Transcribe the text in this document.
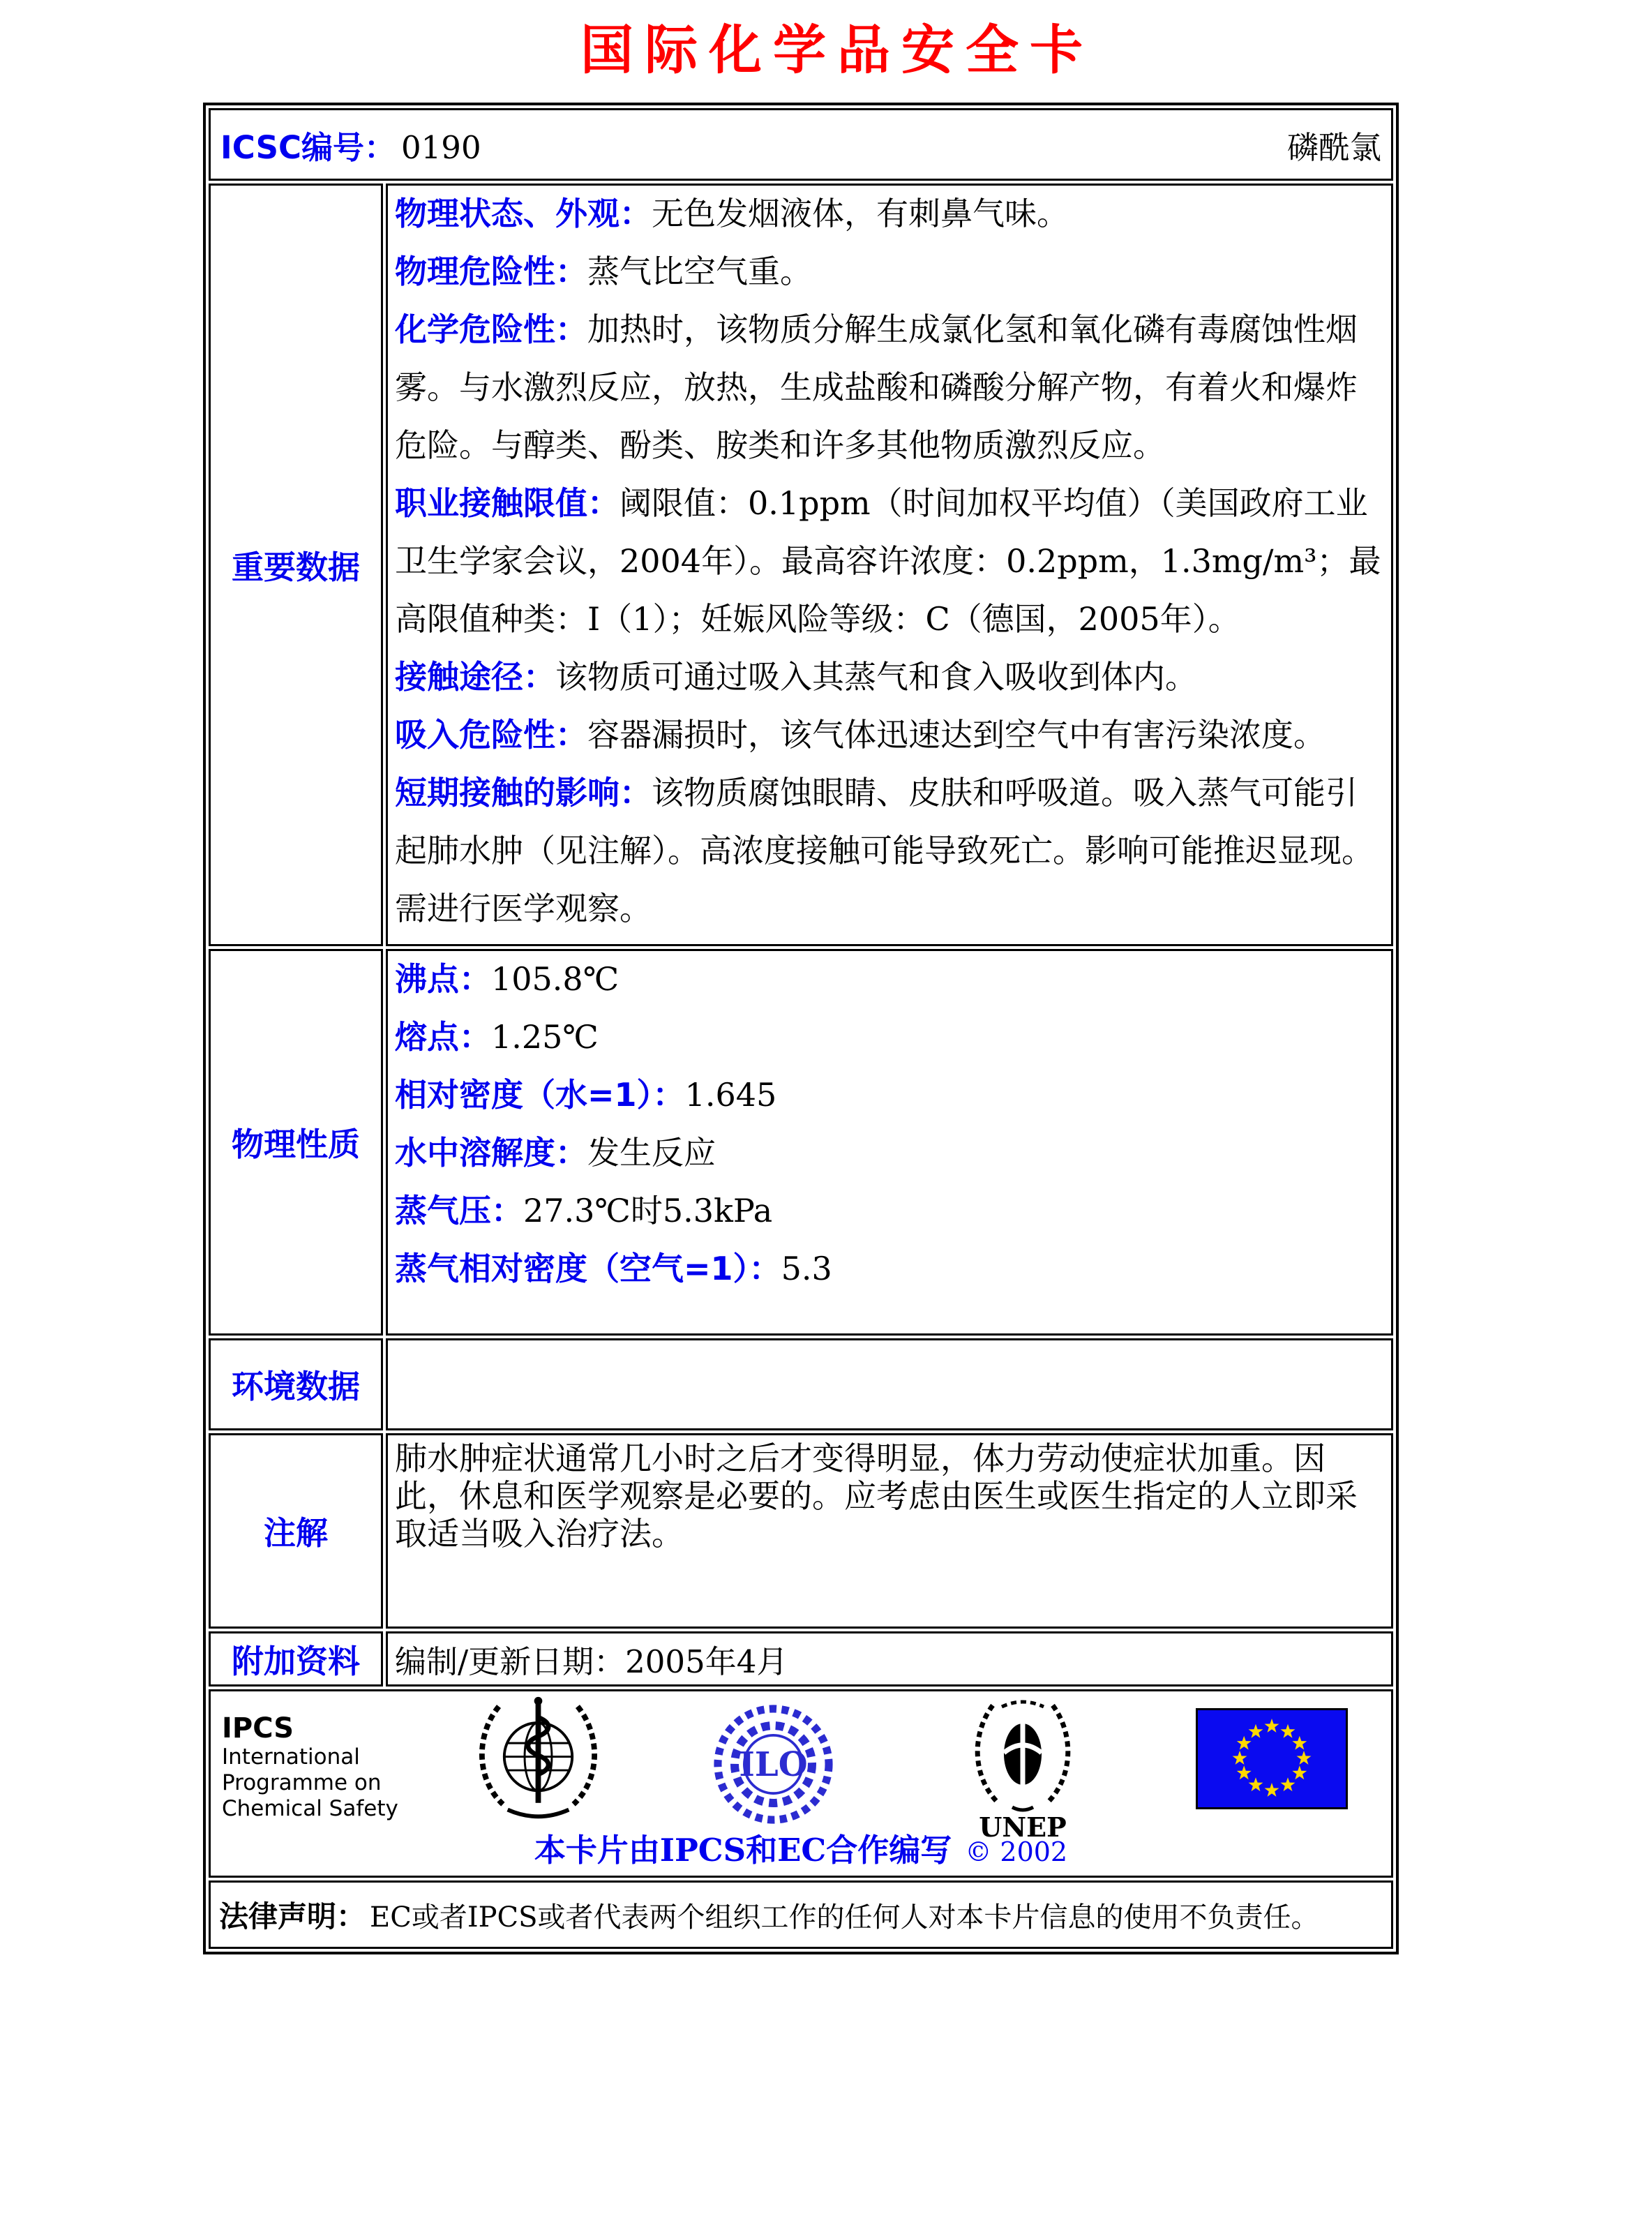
国际化学品安全卡
ICSC编号： 0190	磷酰氯
重要数据

物理状态、外观：无色发烟液体，有刺鼻气味。

物理危险性：蒸气比空气重。

化学危险性：加热时，该物质分解生成氯化氢和氧化磷有毒腐蚀性烟雾。与水激烈反应，放热，生成盐酸和磷酸分解产物，有着火和爆炸危险。与醇类、酚类、胺类和许多其他物质激烈反应。

职业接触限值：阈限值：0.1ppm（时间加权平均值）（美国政府工业卫生学家会议，2004年）。最高容许浓度：0.2ppm，1.3mg/m³；最高限值种类：I（1）；妊娠风险等级：C（德国，2005年）。

接触途径：该物质可通过吸入其蒸气和食入吸收到体内。

吸入危险性：容器漏损时，该气体迅速达到空气中有害污染浓度。

短期接触的影响：该物质腐蚀眼睛、皮肤和呼吸道。吸入蒸气可能引起肺水肿（见注解）。高浓度接触可能导致死亡。影响可能推迟显现。需进行医学观察。

物理性质

沸点：105.8℃

熔点：1.25℃

相对密度（水=1）：1.645

水中溶解度：发生反应

蒸气压：27.3℃时5.3kPa

蒸气相对密度（空气=1）：5.3

环境数据
注解

肺水肿症状通常几小时之后才变得明显，体力劳动使症状加重。因此，休息和医学观察是必要的。应考虑由医生或医生指定的人立即采取适当吸入治疗法。

附加资料	编制/更新日期： 2005年4月
IPCS
International
Programme on
Chemical Safety
ILO
UNEP
本卡片由IPCS和EC合作编写 © 2002
法律声明： EC或者IPCS或者代表两个组织工作的任何人对本卡片信息的使用不负责任。
